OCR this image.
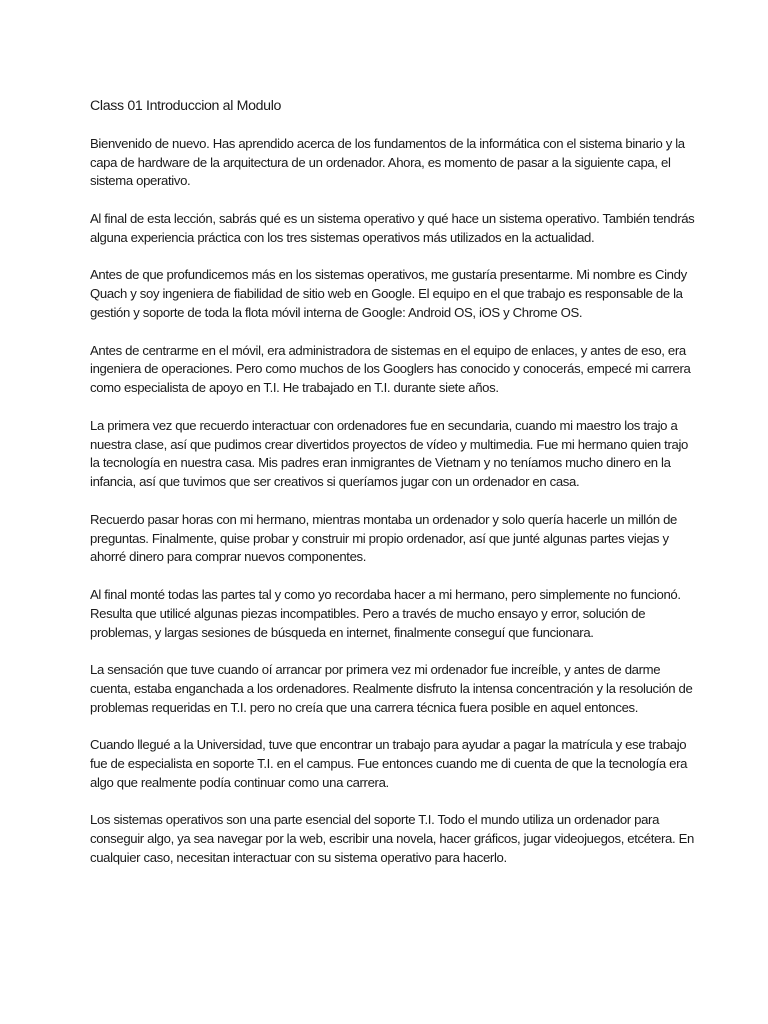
Class 01 Introduccion al Modulo

Bienvenido de nuevo. Has aprendido acerca de los fundamentos de la informática con el sistema binario y la capa de hardware de la arquitectura de un ordenador. Ahora, es momento de pasar a la siguiente capa, el sistema operativo.

Al final de esta lección, sabrás qué es un sistema operativo y qué hace un sistema operativo. También tendrás alguna experiencia práctica con los tres sistemas operativos más utilizados en la actualidad.

Antes de que profundicemos más en los sistemas operativos, me gustaría presentarme. Mi nombre es Cindy Quach y soy ingeniera de fiabilidad de sitio web en Google. El equipo en el que trabajo es responsable de la gestión y soporte de toda la flota móvil interna de Google: Android OS, iOS y Chrome OS.

Antes de centrarme en el móvil, era administradora de sistemas en el equipo de enlaces, y antes de eso, era ingeniera de operaciones. Pero como muchos de los Googlers has conocido y conocerás, empecé mi carrera como especialista de apoyo en T.I. He trabajado en T.I. durante siete años.

La primera vez que recuerdo interactuar con ordenadores fue en secundaria, cuando mi maestro los trajo a nuestra clase, así que pudimos crear divertidos proyectos de vídeo y multimedia. Fue mi hermano quien trajo la tecnología en nuestra casa. Mis padres eran inmigrantes de Vietnam y no teníamos mucho dinero en la infancia, así que tuvimos que ser creativos si queríamos jugar con un ordenador en casa.

Recuerdo pasar horas con mi hermano, mientras montaba un ordenador y solo quería hacerle un millón de preguntas. Finalmente, quise probar y construir mi propio ordenador, así que junté algunas partes viejas y ahorré dinero para comprar nuevos componentes.

Al final monté todas las partes tal y como yo recordaba hacer a mi hermano, pero simplemente no funcionó. Resulta que utilicé algunas piezas incompatibles. Pero a través de mucho ensayo y error, solución de problemas, y largas sesiones de búsqueda en internet, finalmente conseguí que funcionara.

La sensación que tuve cuando oí arrancar por primera vez mi ordenador fue increíble, y antes de darme cuenta, estaba enganchada a los ordenadores. Realmente disfruto la intensa concentración y la resolución de problemas requeridas en T.I. pero no creía que una carrera técnica fuera posible en aquel entonces.

Cuando llegué a la Universidad, tuve que encontrar un trabajo para ayudar a pagar la matrícula y ese trabajo fue de especialista en soporte T.I. en el campus. Fue entonces cuando me di cuenta de que la tecnología era algo que realmente podía continuar como una carrera.

Los sistemas operativos son una parte esencial del soporte T.I. Todo el mundo utiliza un ordenador para conseguir algo, ya sea navegar por la web, escribir una novela, hacer gráficos, jugar videojuegos, etcétera. En cualquier caso, necesitan interactuar con su sistema operativo para hacerlo.
